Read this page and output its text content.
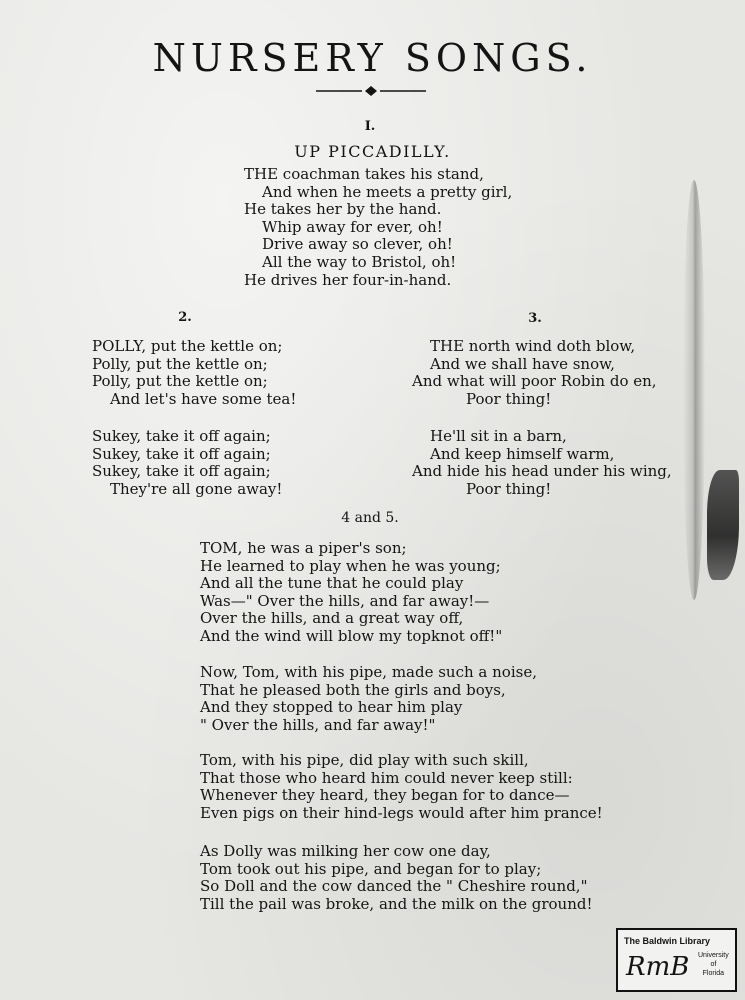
NURSERY SONGS.
I.
UP PICCADILLY.
THE coachman takes his stand,
And when he meets a pretty girl,
He takes her by the hand.
Whip away for ever, oh!
Drive away so clever, oh!
All the way to Bristol, oh!
He drives her four-in-hand.
2.
POLLY, put the kettle on;
Polly, put the kettle on;
Polly, put the kettle on;
And let's have some tea!
Sukey, take it off again;
Sukey, take it off again;
Sukey, take it off again;
They're all gone away!
3.
THE north wind doth blow,
And we shall have snow,
And what will poor Robin do en,
Poor thing!
He'll sit in a barn,
And keep himself warm,
And hide his head under his wing,
Poor thing!
4 and 5.
TOM, he was a piper's son;
He learned to play when he was young;
And all the tune that he could play
Was—" Over the hills, and far away!—
Over the hills, and a great way off,
And the wind will blow my topknot off!"
Now, Tom, with his pipe, made such a noise,
That he pleased both the girls and boys,
And they stopped to hear him play
" Over the hills, and far away!"
Tom, with his pipe, did play with such skill,
That those who heard him could never keep still:
Whenever they heard, they began for to dance—
Even pigs on their hind-legs would after him prance!
As Dolly was milking her cow one day,
Tom took out his pipe, and began for to play;
So Doll and the cow danced the " Cheshire round,"
Till the pail was broke, and the milk on the ground!
The Baldwin Library
RmB University
of
Florida
